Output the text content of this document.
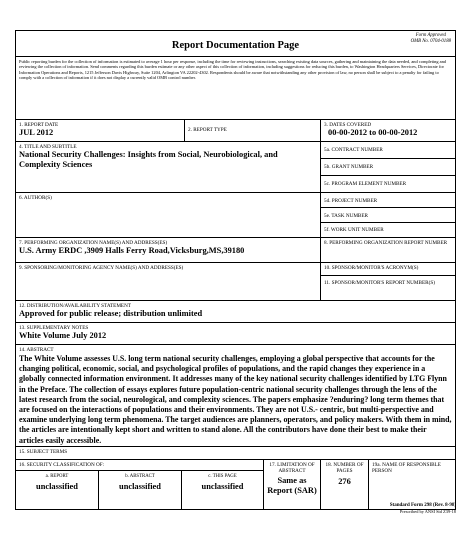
Report Documentation Page
Form Approved
OMB No. 0704-0188
Public reporting burden for the collection of information is estimated to average 1 hour per response, including the time for reviewing instructions, searching existing data sources, gathering and maintaining the data needed, and completing and reviewing the collection of information. Send comments regarding this burden estimate or any other aspect of this collection of information, including suggestions for reducing this burden, to Washington Headquarters Services, Directorate for Information Operations and Reports, 1215 Jefferson Davis Highway, Suite 1204, Arlington VA 22202-4302. Respondents should be aware that notwithstanding any other provision of law, no person shall be subject to a penalty for failing to comply with a collection of information if it does not display a currently valid OMB control number.
1. REPORT DATE
JUL 2012	2. REPORT TYPE
3. DATES COVERED
00-00-2012 to 00-00-2012
4. TITLE AND SUBTITLE
National Security Challenges: Insights from Social, Neurobiological, and Complexity Sciences
5a. CONTRACT NUMBER
5b. GRANT NUMBER
5c. PROGRAM ELEMENT NUMBER
6. AUTHOR(S)	5d. PROJECT NUMBER
5e. TASK NUMBER
5f. WORK UNIT NUMBER
7. PERFORMING ORGANIZATION NAME(S) AND ADDRESS(ES)
U.S. Army ERDC ,3909 Halls Ferry Road,Vicksburg,MS,39180
8. PERFORMING ORGANIZATION REPORT NUMBER
9. SPONSORING/MONITORING AGENCY NAME(S) AND ADDRESS(ES)	10. SPONSOR/MONITOR'S ACRONYM(S)
11. SPONSOR/MONITOR'S REPORT NUMBER(S)
12. DISTRIBUTION/AVAILABILITY STATEMENT
Approved for public release; distribution unlimited
13. SUPPLEMENTARY NOTES
White Volume July 2012
14. ABSTRACT
The White Volume assesses U.S. long term national security challenges, employing a global perspective that accounts for the changing political, economic, social, and psychological profiles of populations, and the rapid changes they experience in a globally connected information environment. It addresses many of the key national security challenges identified by LTG Flynn in the Preface. The collection of essays explores future population-centric national security challenges through the lens of the latest research from the social, neurological, and complexity sciences. The papers emphasize ?enduring? long term themes that are focused on the interactions of populations and their environments. They are not U.S.- centric, but multi-perspective and examine underlying long term phenomena. The target audiences are planners, operators, and policy makers. With them in mind, the articles are intentionally kept short and written to stand alone. All the contributors have done their best to make their articles easily accessible.
15. SUBJECT TERMS
16. SECURITY CLASSIFICATION OF:
a. REPORT
unclassified
b. ABSTRACT
unclassified
c. THIS PAGE
unclassified
17. LIMITATION OF ABSTRACT
Same as Report (SAR)
18. NUMBER OF PAGES
276
19a. NAME OF RESPONSIBLE PERSON
Standard Form 298 (Rev. 8-98)
Prescribed by ANSI Std Z39-18
